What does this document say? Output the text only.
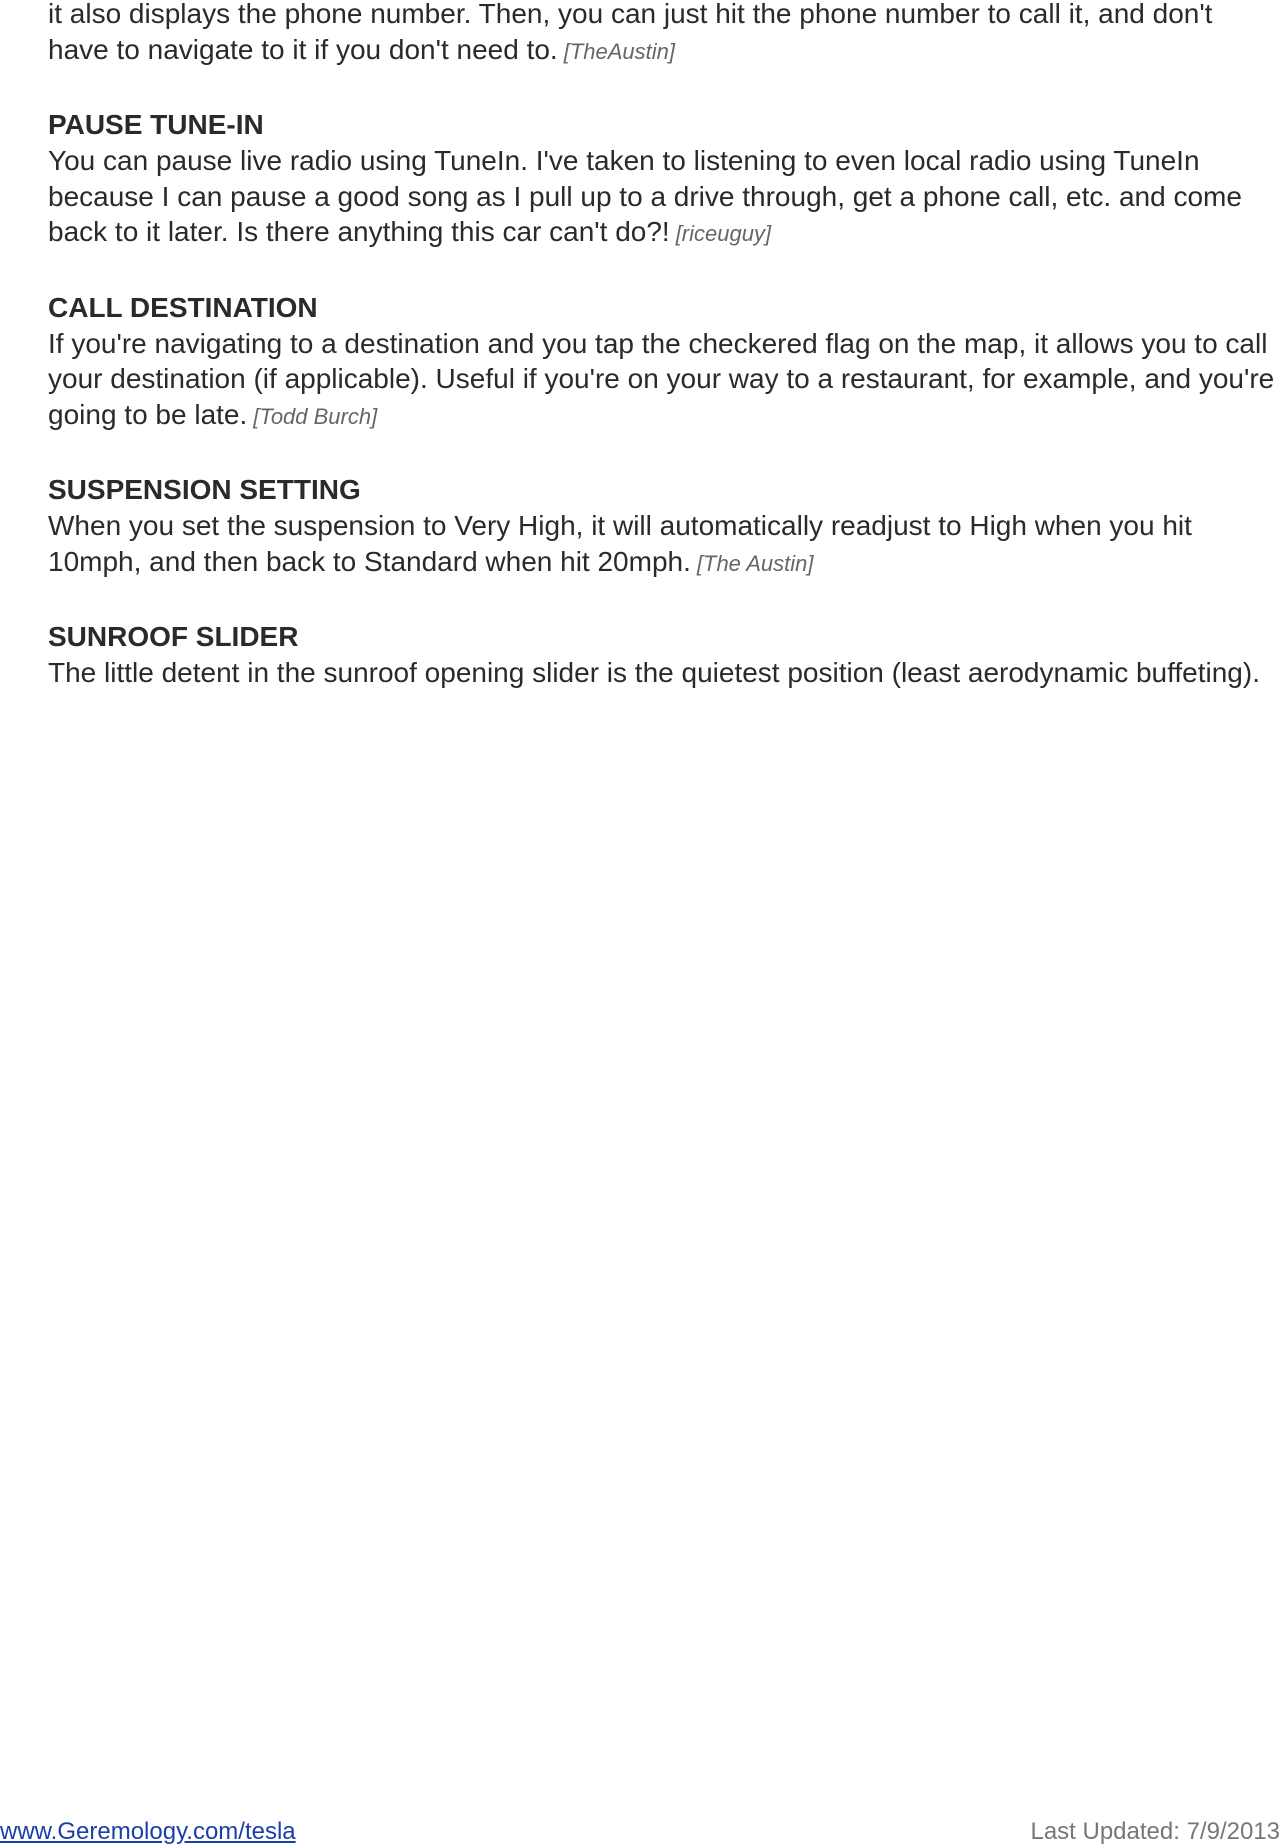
it also displays the phone number. Then, you can just hit the phone number to call it, and don't have to navigate to it if you don't need to. [TheAustin]

PAUSE TUNE-IN

You can pause live radio using TuneIn. I've taken to listening to even local radio using TuneIn because I can pause a good song as I pull up to a drive through, get a phone call, etc. and come back to it later. Is there anything this car can't do?! [riceuguy]

CALL DESTINATION

If you're navigating to a destination and you tap the checkered flag on the map, it allows you to call your destination (if applicable). Useful if you're on your way to a restaurant, for example, and you're going to be late. [Todd Burch]

SUSPENSION SETTING

When you set the suspension to Very High, it will automatically readjust to High when you hit 10mph, and then back to Standard when hit 20mph. [The Austin]

SUNROOF SLIDER

The little detent in the sunroof opening slider is the quietest position (least aerodynamic buffeting).

www.Geremology.com/tesla	Last Updated: 7/9/2013
